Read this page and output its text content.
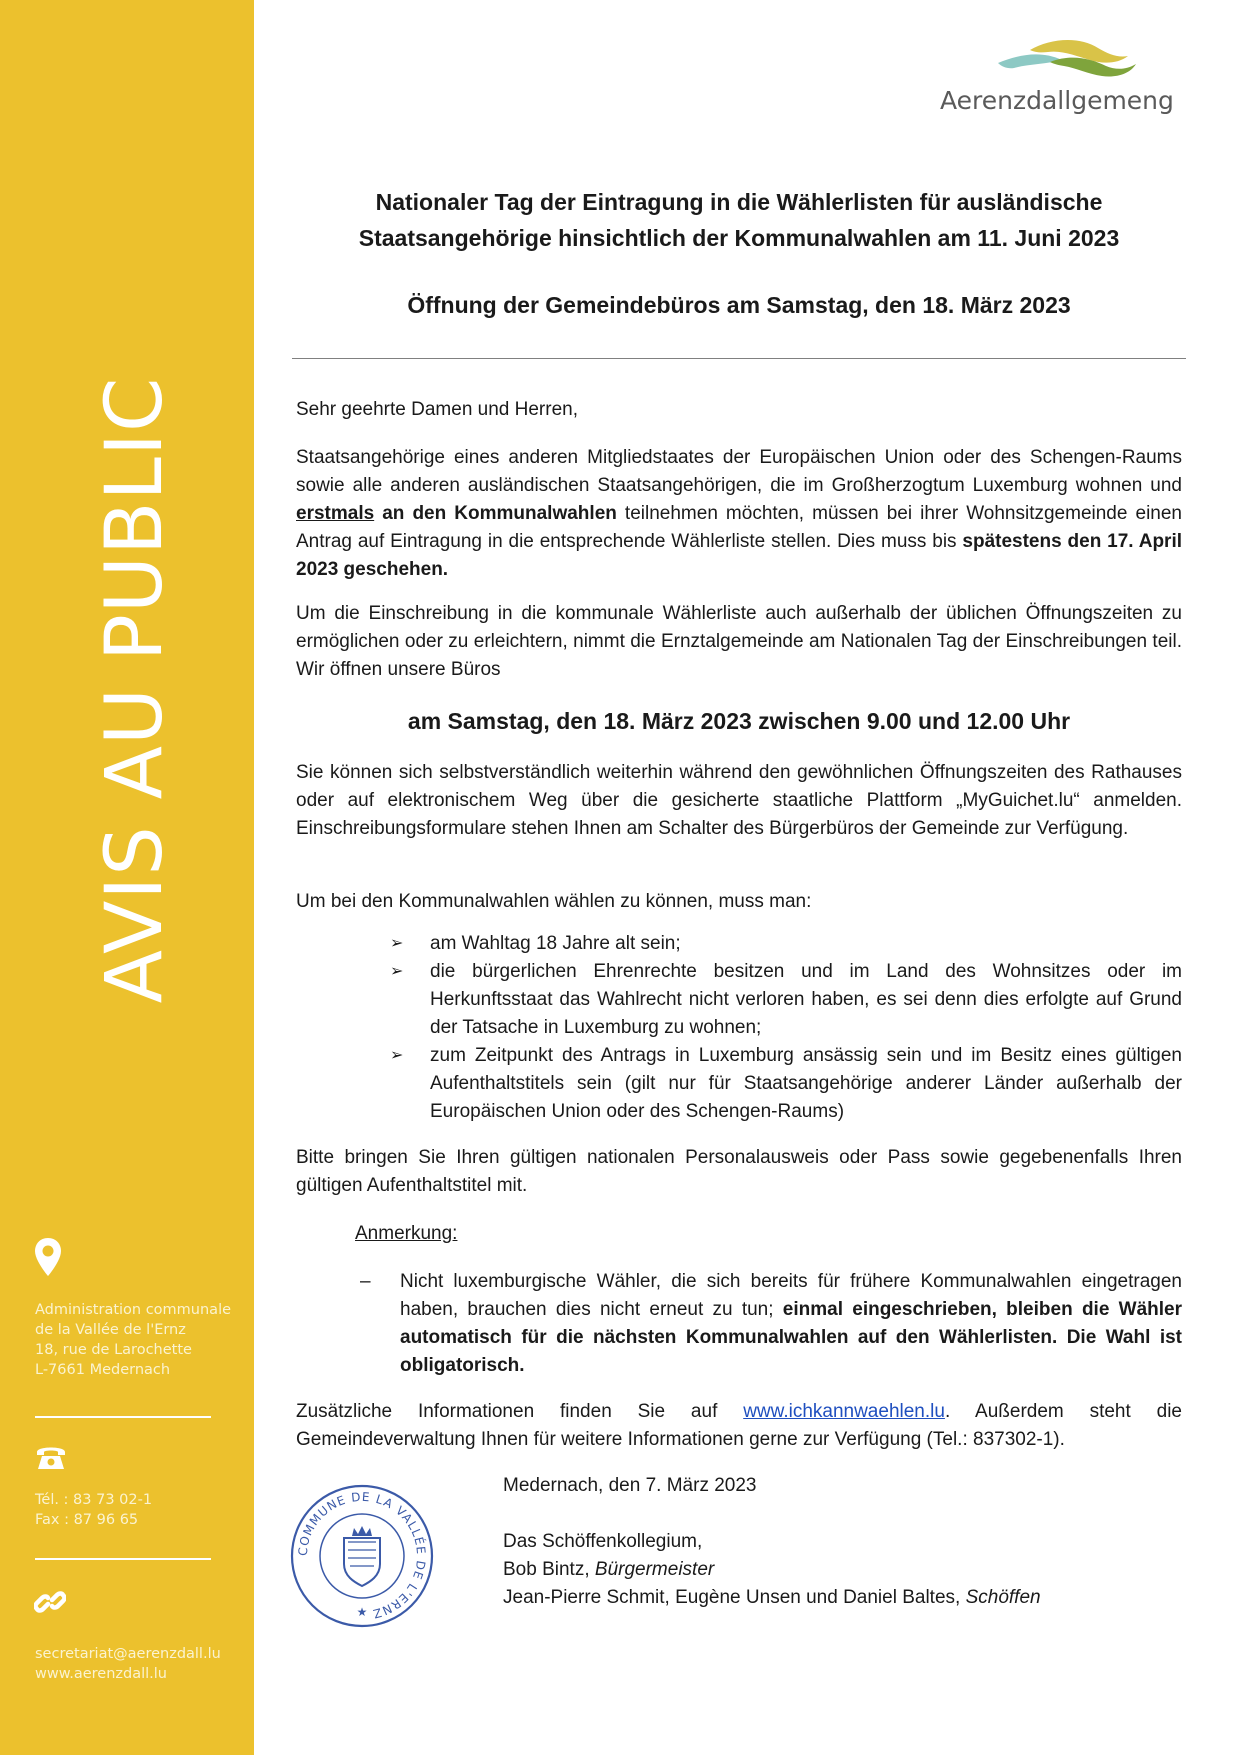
AVIS AU PUBLIC
Administration communale
de la Vallée de l'Ernz
18, rue de Larochette
L-7661 Medernach
Tél. : 83 73 02-1
Fax : 87 96 65
secretariat@aerenzdall.lu
www.aerenzdall.lu
Aerenzdallgemeng
Nationaler Tag der Eintragung in die Wählerlisten für ausländische
Staatsangehörige hinsichtlich der Kommunalwahlen am 11. Juni 2023
Öffnung der Gemeindebüros am Samstag, den 18. März 2023

Sehr geehrte Damen und Herren,

Staatsangehörige eines anderen Mitgliedstaates der Europäischen Union oder des Schengen-Raums sowie alle anderen ausländischen Staatsangehörigen, die im Großherzogtum Luxemburg wohnen und erstmals an den Kommunalwahlen teilnehmen möchten, müssen bei ihrer Wohnsitzgemeinde einen Antrag auf Eintragung in die entsprechende Wählerliste stellen. Dies muss bis spätestens den 17. April 2023 geschehen.

Um die Einschreibung in die kommunale Wählerliste auch außerhalb der üblichen Öffnungszeiten zu ermöglichen oder zu erleichtern, nimmt die Ernztalgemeinde am Nationalen Tag der Einschreibungen teil. Wir öffnen unsere Büros

am Samstag, den 18. März 2023 zwischen 9.00 und 12.00 Uhr

Sie können sich selbstverständlich weiterhin während den gewöhnlichen Öffnungszeiten des Rathauses oder auf elektronischem Weg über die gesicherte staatliche Plattform „MyGuichet.lu“ anmelden. Einschreibungsformulare stehen Ihnen am Schalter des Bürgerbüros der Gemeinde zur Verfügung.

Um bei den Kommunalwahlen wählen zu können, muss man:

➢ am Wahltag 18 Jahre alt sein;
➢ die bürgerlichen Ehrenrechte besitzen und im Land des Wohnsitzes oder im Herkunftsstaat das Wahlrecht nicht verloren haben, es sei denn dies erfolgte auf Grund der Tatsache in Luxemburg zu wohnen;
➢ zum Zeitpunkt des Antrags in Luxemburg ansässig sein und im Besitz eines gültigen Aufenthaltstitels sein (gilt nur für Staatsangehörige anderer Länder außerhalb der Europäischen Union oder des Schengen-Raums)

Bitte bringen Sie Ihren gültigen nationalen Personalausweis oder Pass sowie gegebenenfalls Ihren gültigen Aufenthaltstitel mit.

Anmerkung:
– Nicht luxemburgische Wähler, die sich bereits für frühere Kommunalwahlen eingetragen haben, brauchen dies nicht erneut zu tun; einmal eingeschrieben, bleiben die Wähler automatisch für die nächsten Kommunalwahlen auf den Wählerlisten. Die Wahl ist obligatorisch.

Zusätzliche Informationen finden Sie auf www.ichkannwaehlen.lu. Außerdem steht die Gemeindeverwaltung Ihnen für weitere Informationen gerne zur Verfügung (Tel.: 837302-1).

Medernach, den 7. März 2023
Das Schöffenkollegium,
Bob Bintz, Bürgermeister
Jean-Pierre Schmit, Eugène Unsen und Daniel Baltes, Schöffen
COMMUNE DE LA VALLÉE DE L'ERNZ
★
